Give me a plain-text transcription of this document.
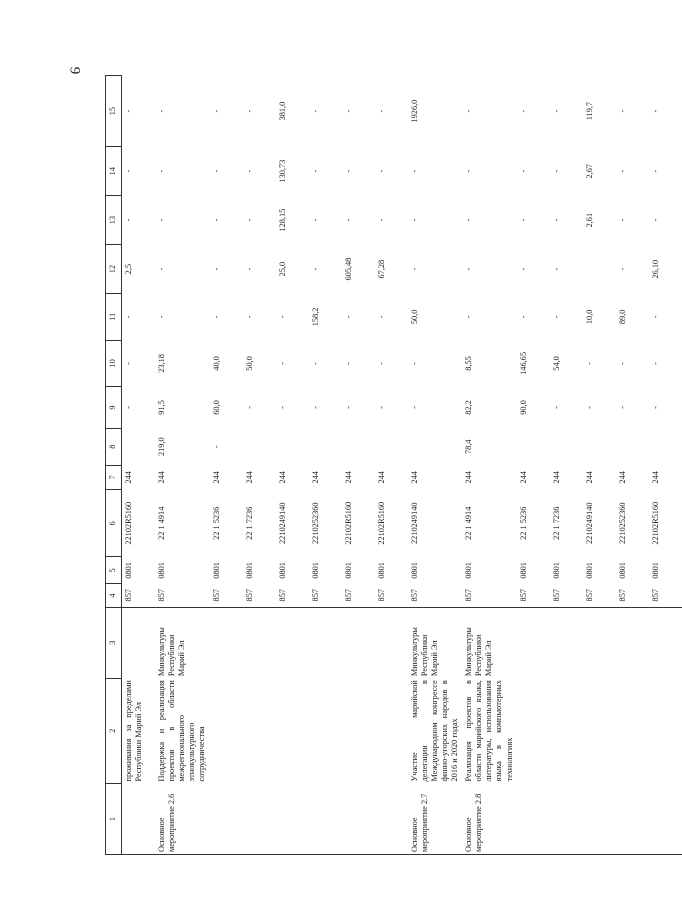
9
1	2	3	4	5	6	7	8	9	10	11	12	13	14	15
	проживания за пределами Республики Марий Эл		857	0801	22102R5160	244		-	-	-	2,5	-	-	-
Основное мероприятие 2.6	Поддержка и реализация проектов в области межрегионального этнокультурного сотрудничества	Минкультуры Республики Марий Эл	857	0801	22 1 4914	244	219,0	91,5	23,18	-	-	-	-	-
			857	0801	22 1 5236	244	-	60,0	40,0	-	-	-	-	-
			857	0801	22 1 7236	244		-	50,0	-	-	-	-	-
			857	0801	2210249140	244		-	-	-	25,0	128,15	130,73	381,0
			857	0801	2210252360	244		-	-	158,2	-	-	-	-
			857	0801	22102R5160	244		-	-	-	605,48	-	-	-
			857	0801	22102R5160	244		-	-	-	67,28	-	-	-
Основное мероприятие 2.7	Участие марийской делегации в Международном конгрессе финно-угорских народов в 2016 и 2020 годах	Минкультуры Республики Марий Эл	857	0801	2210249140	244		-	-	50,0	-	-	-	1926,0
Основное мероприятие 2.8	Реализация проектов в области марийского языка, литературы, использования языка в компьютерных технологиях	Минкультуры Республики Марий Эл	857	0801	22 1 4914	244	78,4	82,2	8,55	-	-	-	-	-
			857	0801	22 1 5236	244		90,0	146,65	-	-	-	-	-
			857	0801	22 1 7236	244		-	54,0	-	-	-	-	-
			857	0801	2210249140	244		-	-	10,0		2,61	2,67	119,7
			857	0801	2210252360	244		-	-	89,0	-	-	-	-
			857	0801	22102R5160	244		-	-	-	26,10	-	-	-
